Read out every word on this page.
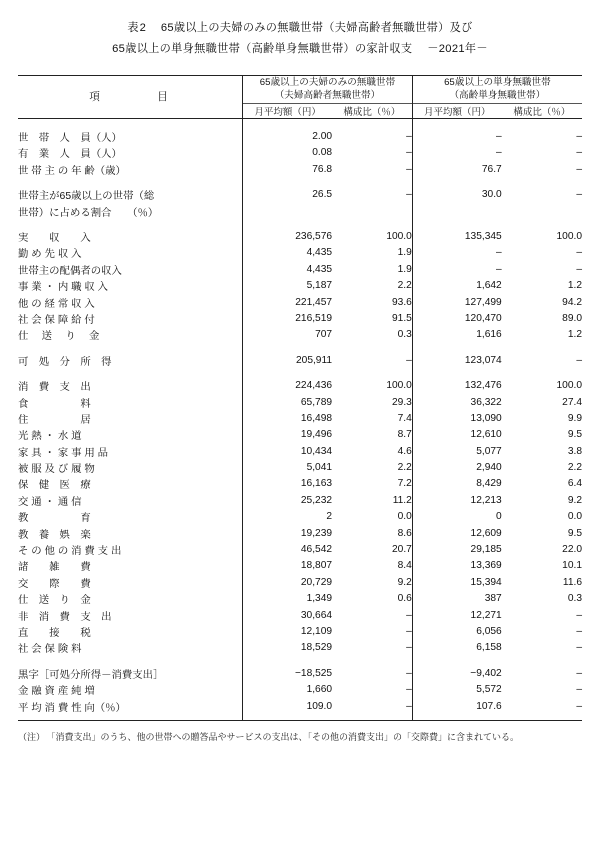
表2 65歳以上の夫婦のみの無職世帯（夫婦高齢者無職世帯）及び
65歳以上の単身無職世帯（高齢単身無職世帯）の家計収支　 －2021年－
項　　　　目	
65歳以上の夫婦のみの無職世帯
（夫婦高齢者無職世帯）

65歳以上の単身無職世帯
（高齢単身無職世帯）

	月平均額（円）	構成比（％）	月平均額（円）	構成比（％）

世　帯　人　員（人）	2.00	–	–	–
有　業　人　員（人）	0.08	–	–	–
世 帯 主 の 年 齢（歳）	76.8	–	76.7	–

世帯主が65歳以上の世帯（総	26.5	–	30.0	–
世帯）に占める割合　　（％）				

実　　収　　入	236,576	100.0	135,345	100.0
勤 め 先 収 入	4,435	1.9	–	–
世帯主の配偶者の収入	4,435	1.9	–	–
事 業 ・ 内 職 収 入	5,187	2.2	1,642	1.2
他 の 経 常 収 入	221,457	93.6	127,499	94.2
社 会 保 障 給 付	216,519	91.5	120,470	89.0
仕　 送　 り　 金	707	0.3	1,616	1.2

可　処　分　所　得	205,911	–	123,074	–

消　費　支　出	224,436	100.0	132,476	100.0
食　　　　　料	65,789	29.3	36,322	27.4
住　　　　　居	16,498	7.4	13,090	9.9
光 熱 ・ 水 道	19,496	8.7	12,610	9.5
家 具 ・ 家 事 用 品	10,434	4.6	5,077	3.8
被 服 及 び 履 物	5,041	2.2	2,940	2.2
保　健　医　療	16,163	7.2	8,429	6.4
交 通 ・ 通 信	25,232	11.2	12,213	9.2
教　　　　　育	2	0.0	0	0.0
教　養　娯　楽	19,239	8.6	12,609	9.5
そ の 他 の 消 費 支 出	46,542	20.7	29,185	22.0
諸　　雑　　費	18,807	8.4	13,369	10.1
交　　際　　費	20,729	9.2	15,394	11.6
仕　送　り　金	1,349	0.6	387	0.3
非　消　費　支　出	30,664	–	12,271	–
直　　接　　税	12,109	–	6,056	–
社 会 保 険 料	18,529	–	6,158	–

黒字［可処分所得－消費支出］	−18,525	–	−9,402	–
金 融 資 産 純 増	1,660	–	5,572	–
平 均 消 費 性 向（％）	109.0	–	107.6	–

（注） 「消費支出」のうち、他の世帯への贈答品やサービスの支出は、「その他の消費支出」の「交際費」に含まれている。
